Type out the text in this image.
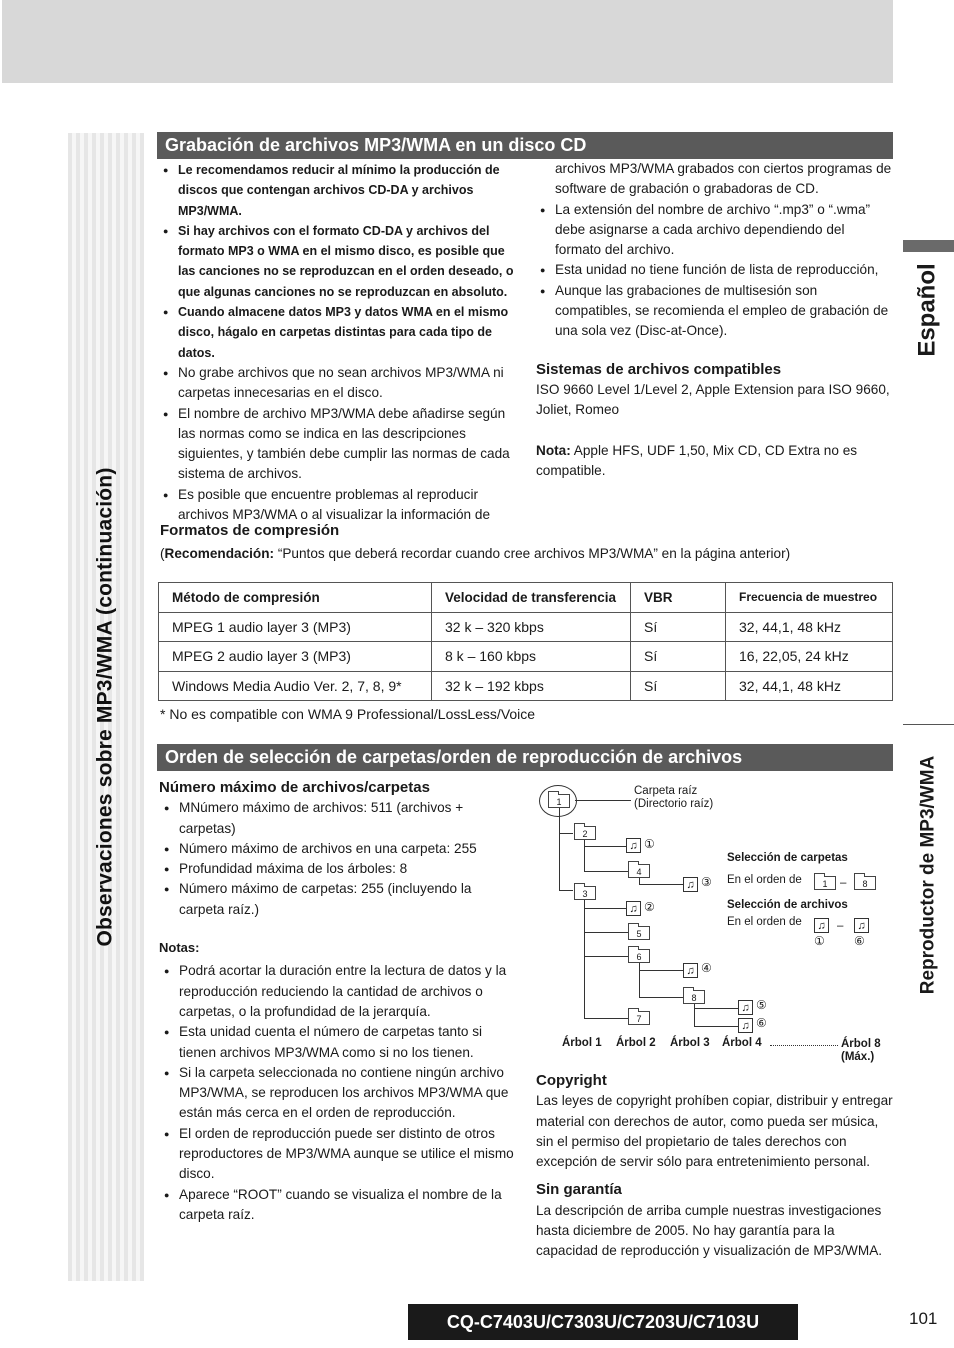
Observaciones sobre MP3/WMA (continuación)
Español
Reproductor de MP3/WMA
Grabación de archivos MP3/WMA en un disco CD
● Le recomendamos reducir al mínimo la producción de discos que contengan archivos CD-DA y archivos MP3/WMA.
● Si hay archivos con el formato CD-DA y archivos del formato MP3 o WMA en el mismo disco, es posible que las canciones no se reproduzcan en el orden deseado, o que algunas canciones no se reproduzcan en absoluto.
● Cuando almacene datos MP3 y datos WMA en el mismo disco, hágalo en carpetas distintas para cada tipo de datos.
● No grabe archivos que no sean archivos MP3/WMA ni carpetas innecesarias en el disco.
● El nombre de archivo MP3/WMA debe añadirse según las normas como se indica en las descripciones siguientes, y también debe cumplir las normas de cada sistema de archivos.
● Es posible que encuentre problemas al reproducir archivos MP3/WMA o al visualizar la información de

archivos MP3/WMA grabados con ciertos programas de software de grabación o grabadoras de CD.

● La extensión del nombre de archivo “.mp3” o “.wma” debe asignarse a cada archivo dependiendo del formato del archivo.
● Esta unidad no tiene función de lista de reproducción,
● Aunque las grabaciones de multisesión son compatibles, se recomienda el empleo de grabación de una sola vez (Disc-at-Once).

Sistemas de archivos compatibles

ISO 9660 Level 1/Level 2, Apple Extension para ISO 9660, Joliet, Romeo

Nota: Apple HFS, UDF 1,50, Mix CD, CD Extra no es compatible.

Formatos de compresión

(Recomendación: “Puntos que deberá recordar cuando cree archivos MP3/WMA” en la página anterior)

Método de compresión	Velocidad de transferencia	VBR	Frecuencia de muestreo
MPEG 1 audio layer 3 (MP3)	32 k – 320 kbps	Sí	32, 44,1, 48 kHz
MPEG 2 audio layer 3 (MP3)	8 k – 160 kbps	Sí	16, 22,05, 24 kHz
Windows Media Audio Ver. 2, 7, 8, 9*	32 k – 192 kbps	Sí	32, 44,1, 48 kHz
* No es compatible con WMA 9 Professional/LossLess/Voice
Orden de selección de carpetas/orden de reproducción de archivos

Número máximo de archivos/carpetas

● MNúmero máximo de archivos: 511 (archivos + carpetas)
● Número máximo de archivos en una carpeta: 255
● Profundidad máxima de los árboles: 8
● Número máximo de carpetas: 255 (incluyendo la carpeta raíz.)

Notas:

● Podrá acortar la duración entre la lectura de datos y la reproducción reduciendo la cantidad de archivos o carpetas, o la profundidad de la jerarquía.
● Esta unidad cuenta el número de carpetas tanto si tienen archivos MP3/WMA como si no los tienen.
● Si la carpeta seleccionada no contiene ningún archivo MP3/WMA, se reproducen los archivos MP3/WMA que están más cerca en el orden de reproducción.
● El orden de reproducción puede ser distinto de otros reproductores de MP3/WMA aunque se utilice el mismo disco.
● Aparece “ROOT” cuando se visualiza el nombre de la carpeta raíz.
1
Carpeta raíz
(Directorio raíz)
2
♫ ①
4
♫ ③
3
♫ ②
5
6
♫ ④
8
♫ ⑤
♫ ⑥
7
Selección de carpetas
En el orden de	1	–	8
Selección de archivos
En el orden de	♫
①
–	♫
⑥
Árbol 1 Árbol 2 Árbol 3 Árbol 4	Árbol 8
(Máx.)

Copyright

Las leyes de copyright prohíben copiar, distribuir y entregar material con derechos de autor, como pueda ser música, sin el permiso del propietario de tales derechos con excepción de servir sólo para entretenimiento personal.

Sin garantía

La descripción de arriba cumple nuestras investigaciones hasta diciembre de 2005. No hay garantía para la capacidad de reproducción y visualización de MP3/WMA.

CQ-C7403U/C7303U/C7203U/C7103U	101
